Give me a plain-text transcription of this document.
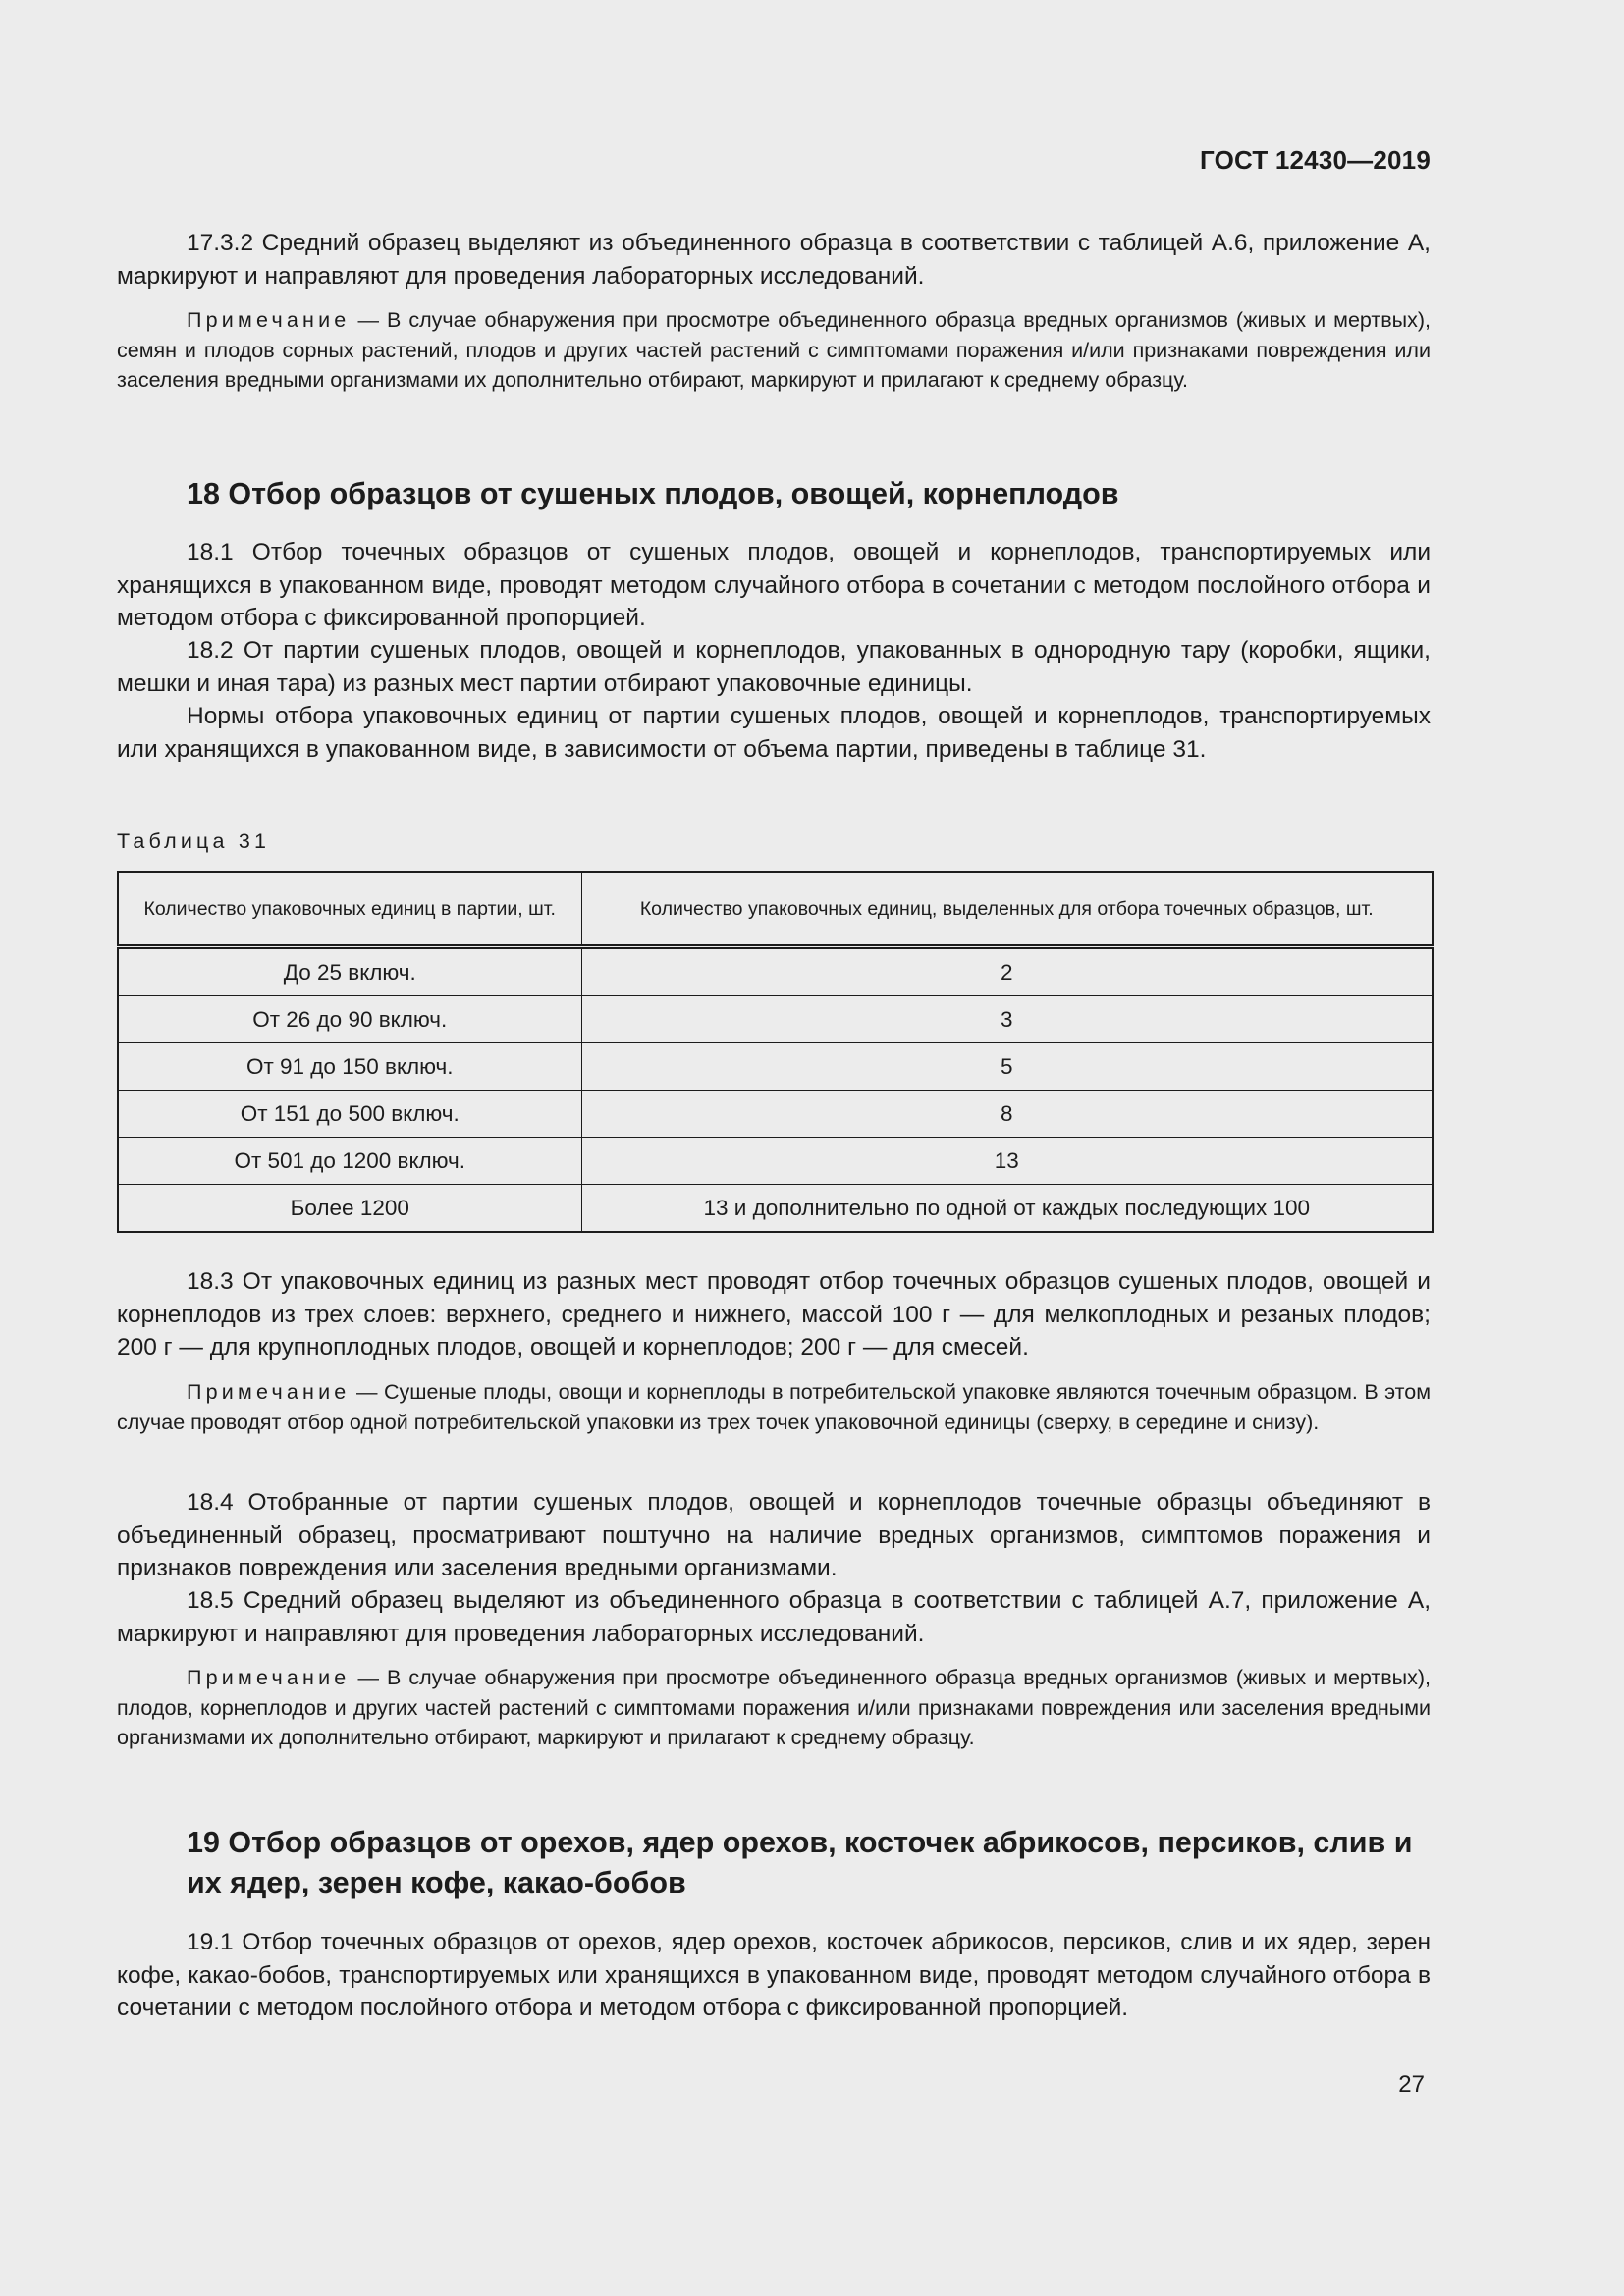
ГОСТ 12430—2019

17.3.2 Средний образец выделяют из объединенного образца в соответствии с таблицей А.6, приложение А, маркируют и направляют для проведения лабораторных исследований.

Примечание — В случае обнаружения при просмотре объединенного образца вредных организмов (живых и мертвых), семян и плодов сорных растений, плодов и других частей растений с симптомами поражения и/или признаками повреждения или заселения вредными организмами их дополнительно отбирают, маркируют и прилагают к среднему образцу.

18 Отбор образцов от сушеных плодов, овощей, корнеплодов

18.1 Отбор точечных образцов от сушеных плодов, овощей и корнеплодов, транспортируемых или хранящихся в упакованном виде, проводят методом случайного отбора в сочетании с методом послойного отбора и методом отбора с фиксированной пропорцией.

18.2 От партии сушеных плодов, овощей и корнеплодов, упакованных в однородную тару (коробки, ящики, мешки и иная тара) из разных мест партии отбирают упаковочные единицы.

Нормы отбора упаковочных единиц от партии сушеных плодов, овощей и корнеплодов, транспортируемых или хранящихся в упакованном виде, в зависимости от объема партии, приведены в таблице 31.

Таблица 31
Количество упаковочных единиц в партии, шт.	Количество упаковочных единиц, выделенных для отбора точечных образцов, шт.
До 25 включ.	2
От 26 до 90 включ.	3
От 91 до 150 включ.	5
От 151 до 500 включ.	8
От 501 до 1200 включ.	13
Более 1200	13 и дополнительно по одной от каждых последующих 100

18.3 От упаковочных единиц из разных мест проводят отбор точечных образцов сушеных плодов, овощей и корнеплодов из трех слоев: верхнего, среднего и нижнего, массой 100 г — для мелкоплодных и резаных плодов; 200 г — для крупноплодных плодов, овощей и корнеплодов; 200 г — для смесей.

Примечание — Сушеные плоды, овощи и корнеплоды в потребительской упаковке являются точечным образцом. В этом случае проводят отбор одной потребительской упаковки из трех точек упаковочной единицы (сверху, в середине и снизу).

18.4 Отобранные от партии сушеных плодов, овощей и корнеплодов точечные образцы объединяют в объединенный образец, просматривают поштучно на наличие вредных организмов, симптомов поражения и признаков повреждения или заселения вредными организмами.

18.5 Средний образец выделяют из объединенного образца в соответствии с таблицей А.7, приложение А, маркируют и направляют для проведения лабораторных исследований.

Примечание — В случае обнаружения при просмотре объединенного образца вредных организмов (живых и мертвых), плодов, корнеплодов и других частей растений с симптомами поражения и/или признаками повреждения или заселения вредными организмами их дополнительно отбирают, маркируют и прилагают к среднему образцу.

19 Отбор образцов от орехов, ядер орехов, косточек абрикосов, персиков, слив и их ядер, зерен кофе, какао-бобов

19.1 Отбор точечных образцов от орехов, ядер орехов, косточек абрикосов, персиков, слив и их ядер, зерен кофе, какао-бобов, транспортируемых или хранящихся в упакованном виде, проводят методом случайного отбора в сочетании с методом послойного отбора и методом отбора с фиксированной пропорцией.

27
